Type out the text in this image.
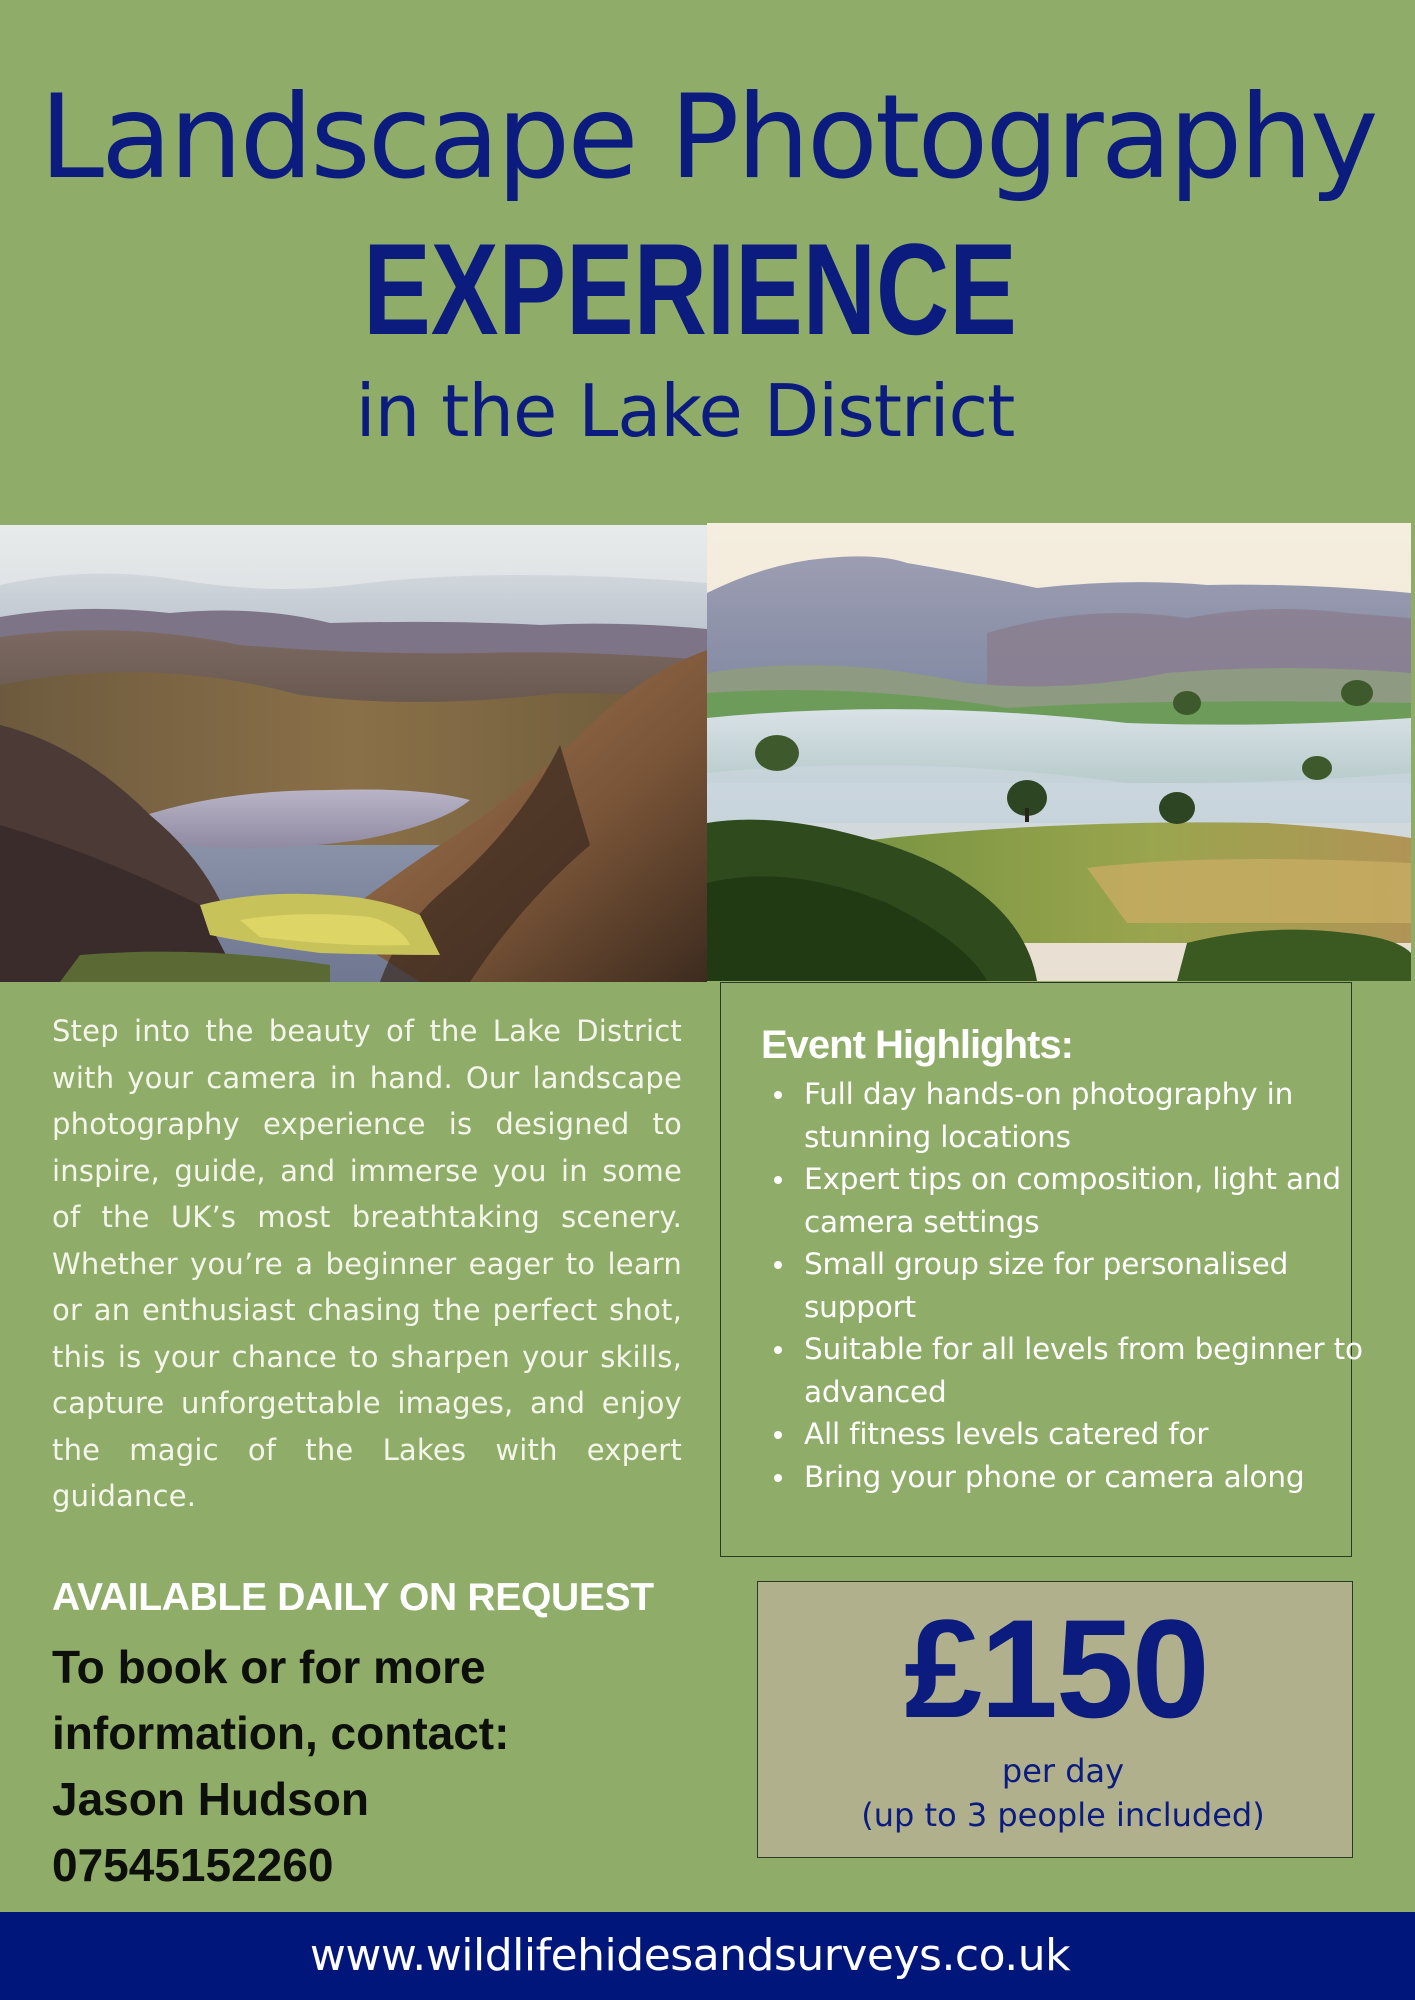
Landscape Photography
EXPERIENCE
in the Lake District

Step into the beauty of the Lake District with your camera in hand. Our landscape photography experience is designed to inspire, guide, and immerse you in some of the UK’s most breathtaking scenery. Whether you’re a beginner eager to learn or an enthusiast chasing the perfect shot, this is your chance to sharpen your skills, capture unforgettable images, and enjoy the magic of the Lakes with expert guidance.

Event Highlights:
Full day hands-on photography in stunning locations
Expert tips on composition, light and camera settings
Small group size for personalised support
Suitable for all levels from beginner to advanced
All fitness levels catered for
Bring your phone or camera along
AVAILABLE DAILY ON REQUEST
To book or for more
information, contact:
Jason Hudson
07545152260
£150
per day
(up to 3 people included)
www.wildlifehidesandsurveys.co.uk
